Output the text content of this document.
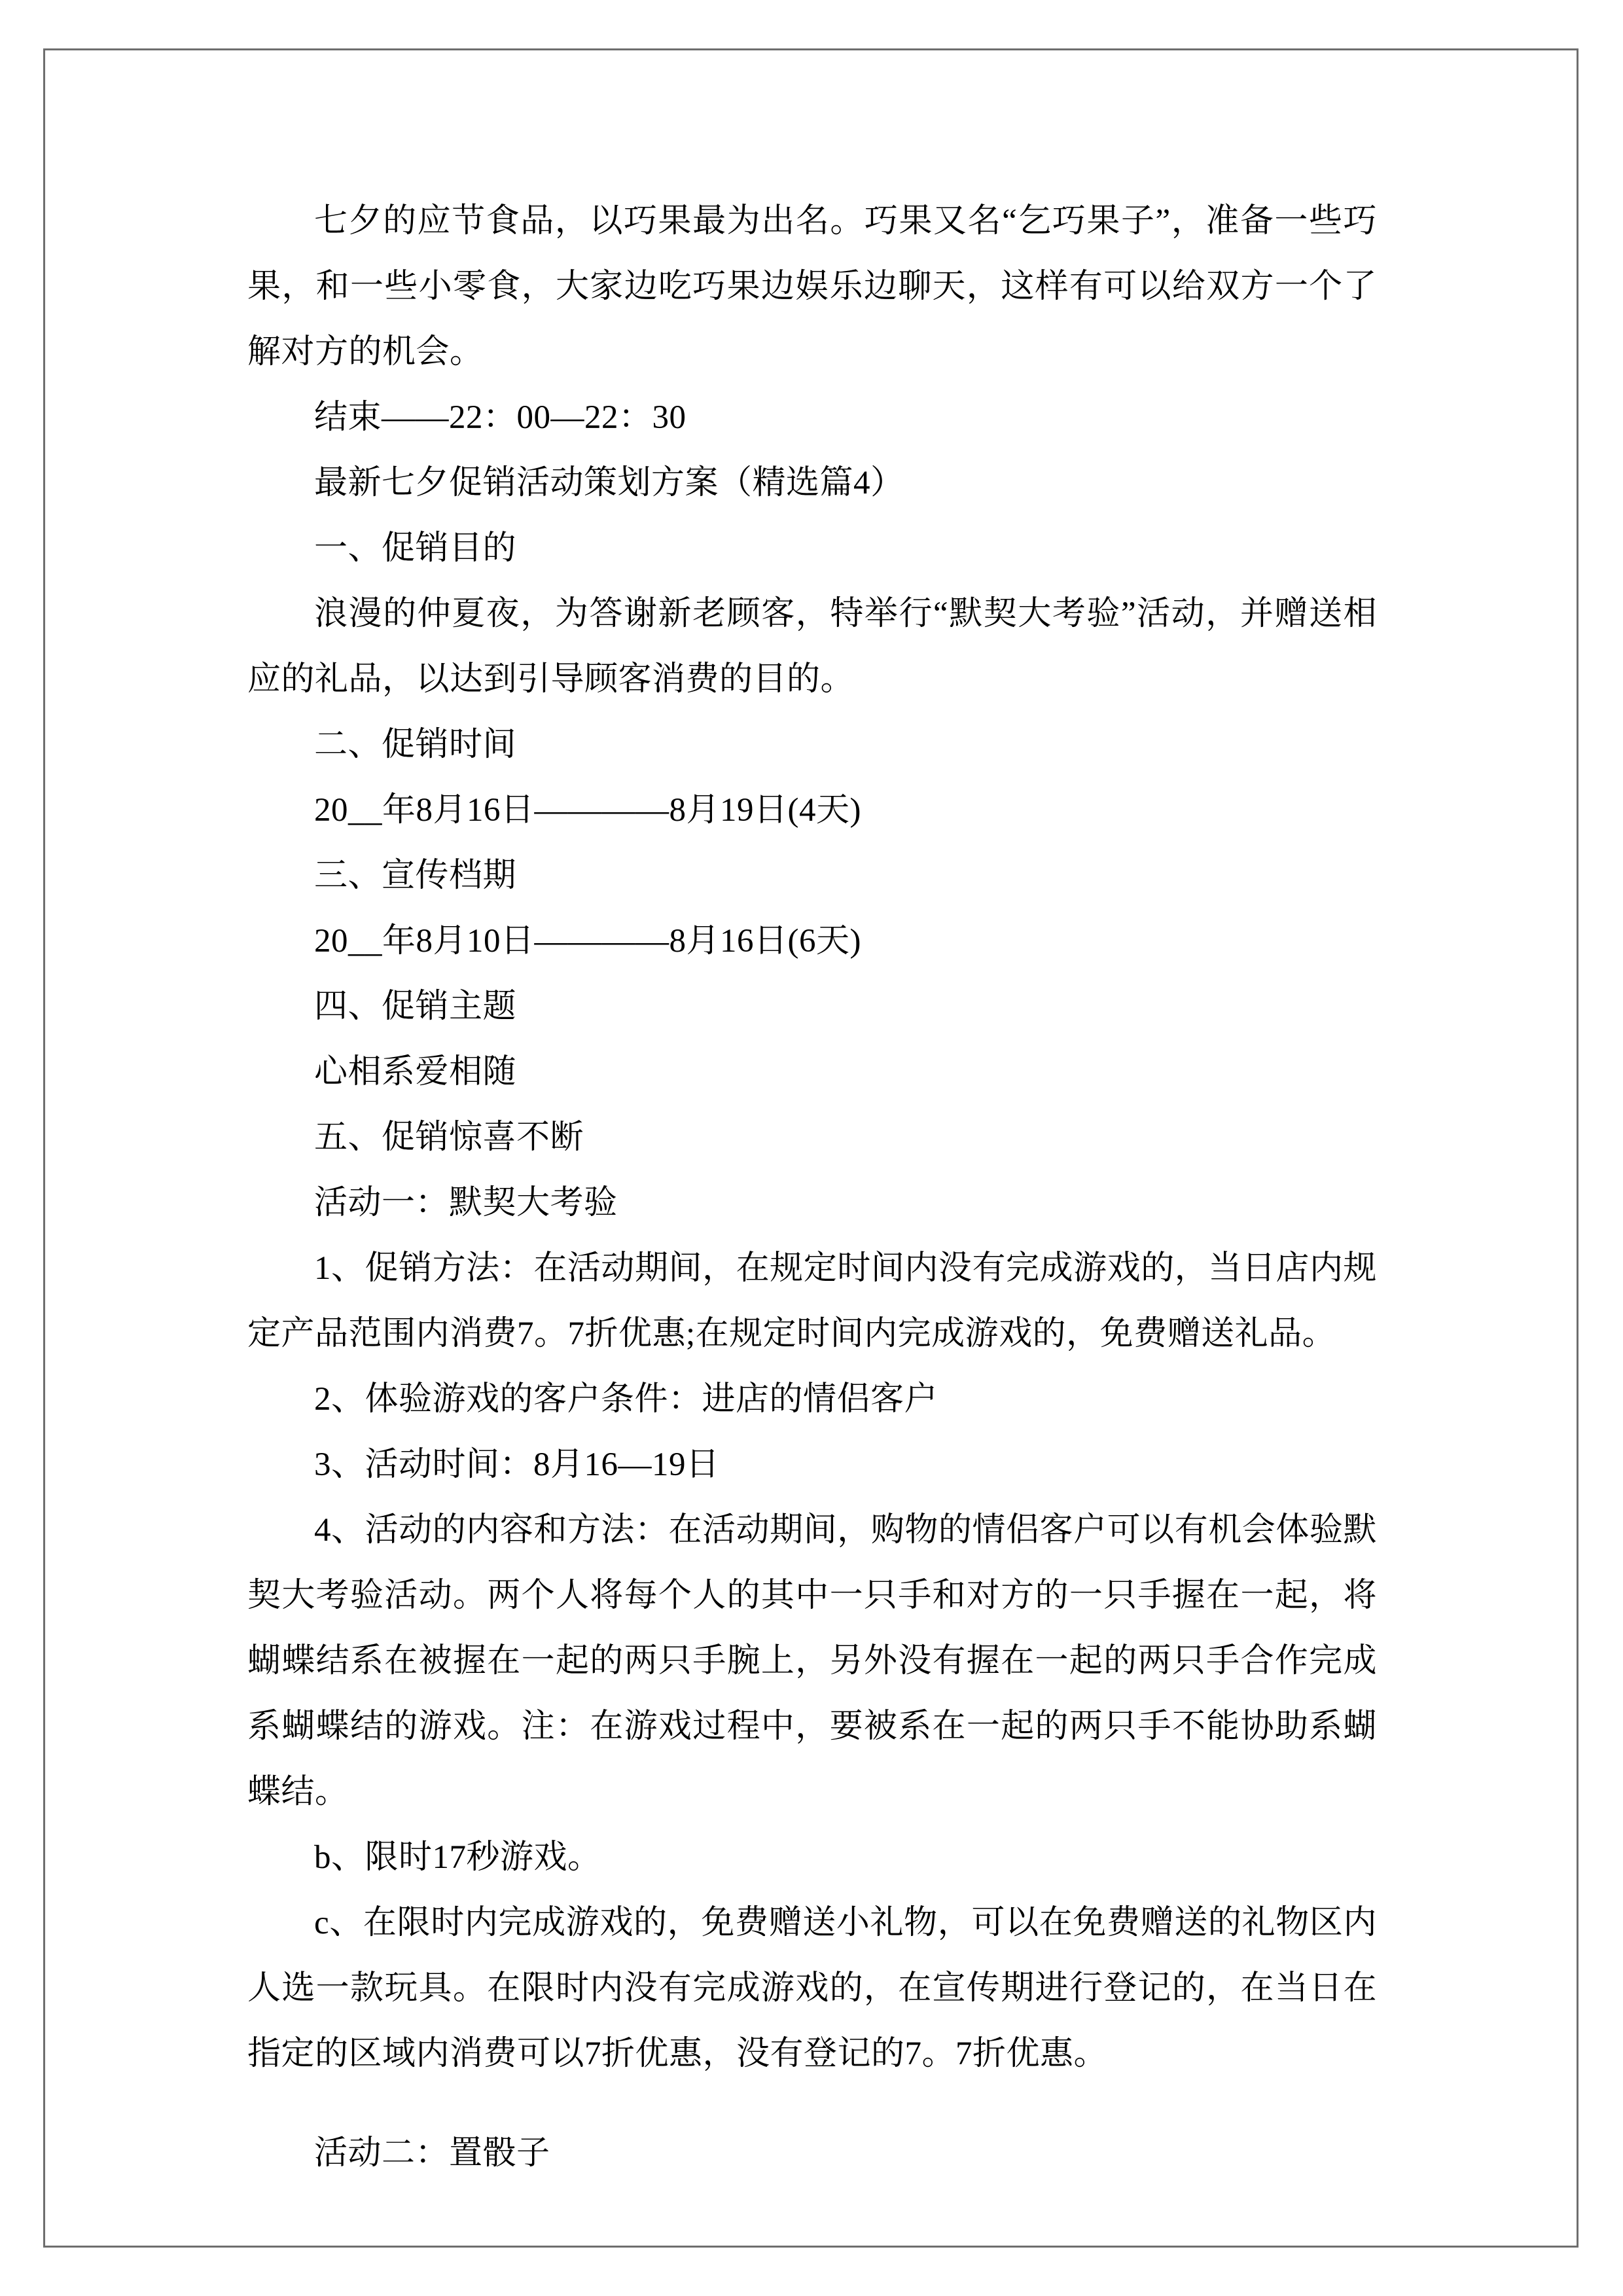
七夕的应节食品，以巧果最为出名。巧果又名“乞巧果子”，准备一些巧果，和一些小零食，大家边吃巧果边娱乐边聊天，这样有可以给双方一个了解对方的机会。

结束——22：00—22：30

最新七夕促销活动策划方案（精选篇4）

一、促销目的

浪漫的仲夏夜，为答谢新老顾客，特举行“默契大考验”活动，并赠送相应的礼品，以达到引导顾客消费的目的。

二、促销时间

20__年8月16日————8月19日(4天)

三、宣传档期

20__年8月10日————8月16日(6天)

四、促销主题

心相系爱相随

五、促销惊喜不断

活动一：默契大考验

1、促销方法：在活动期间，在规定时间内没有完成游戏的，当日店内规定产品范围内消费7。7折优惠;在规定时间内完成游戏的，免费赠送礼品。

2、体验游戏的客户条件：进店的情侣客户

3、活动时间：8月16—19日

4、活动的内容和方法：在活动期间，购物的情侣客户可以有机会体验默契大考验活动。两个人将每个人的其中一只手和对方的一只手握在一起，将蝴蝶结系在被握在一起的两只手腕上，另外没有握在一起的两只手合作完成系蝴蝶结的游戏。注：在游戏过程中，要被系在一起的两只手不能协助系蝴蝶结。

b、限时17秒游戏。

c、在限时内完成游戏的，免费赠送小礼物，可以在免费赠送的礼物区内人选一款玩具。在限时内没有完成游戏的，在宣传期进行登记的，在当日在指定的区域内消费可以7折优惠，没有登记的7。7折优惠。

活动二：置骰子
